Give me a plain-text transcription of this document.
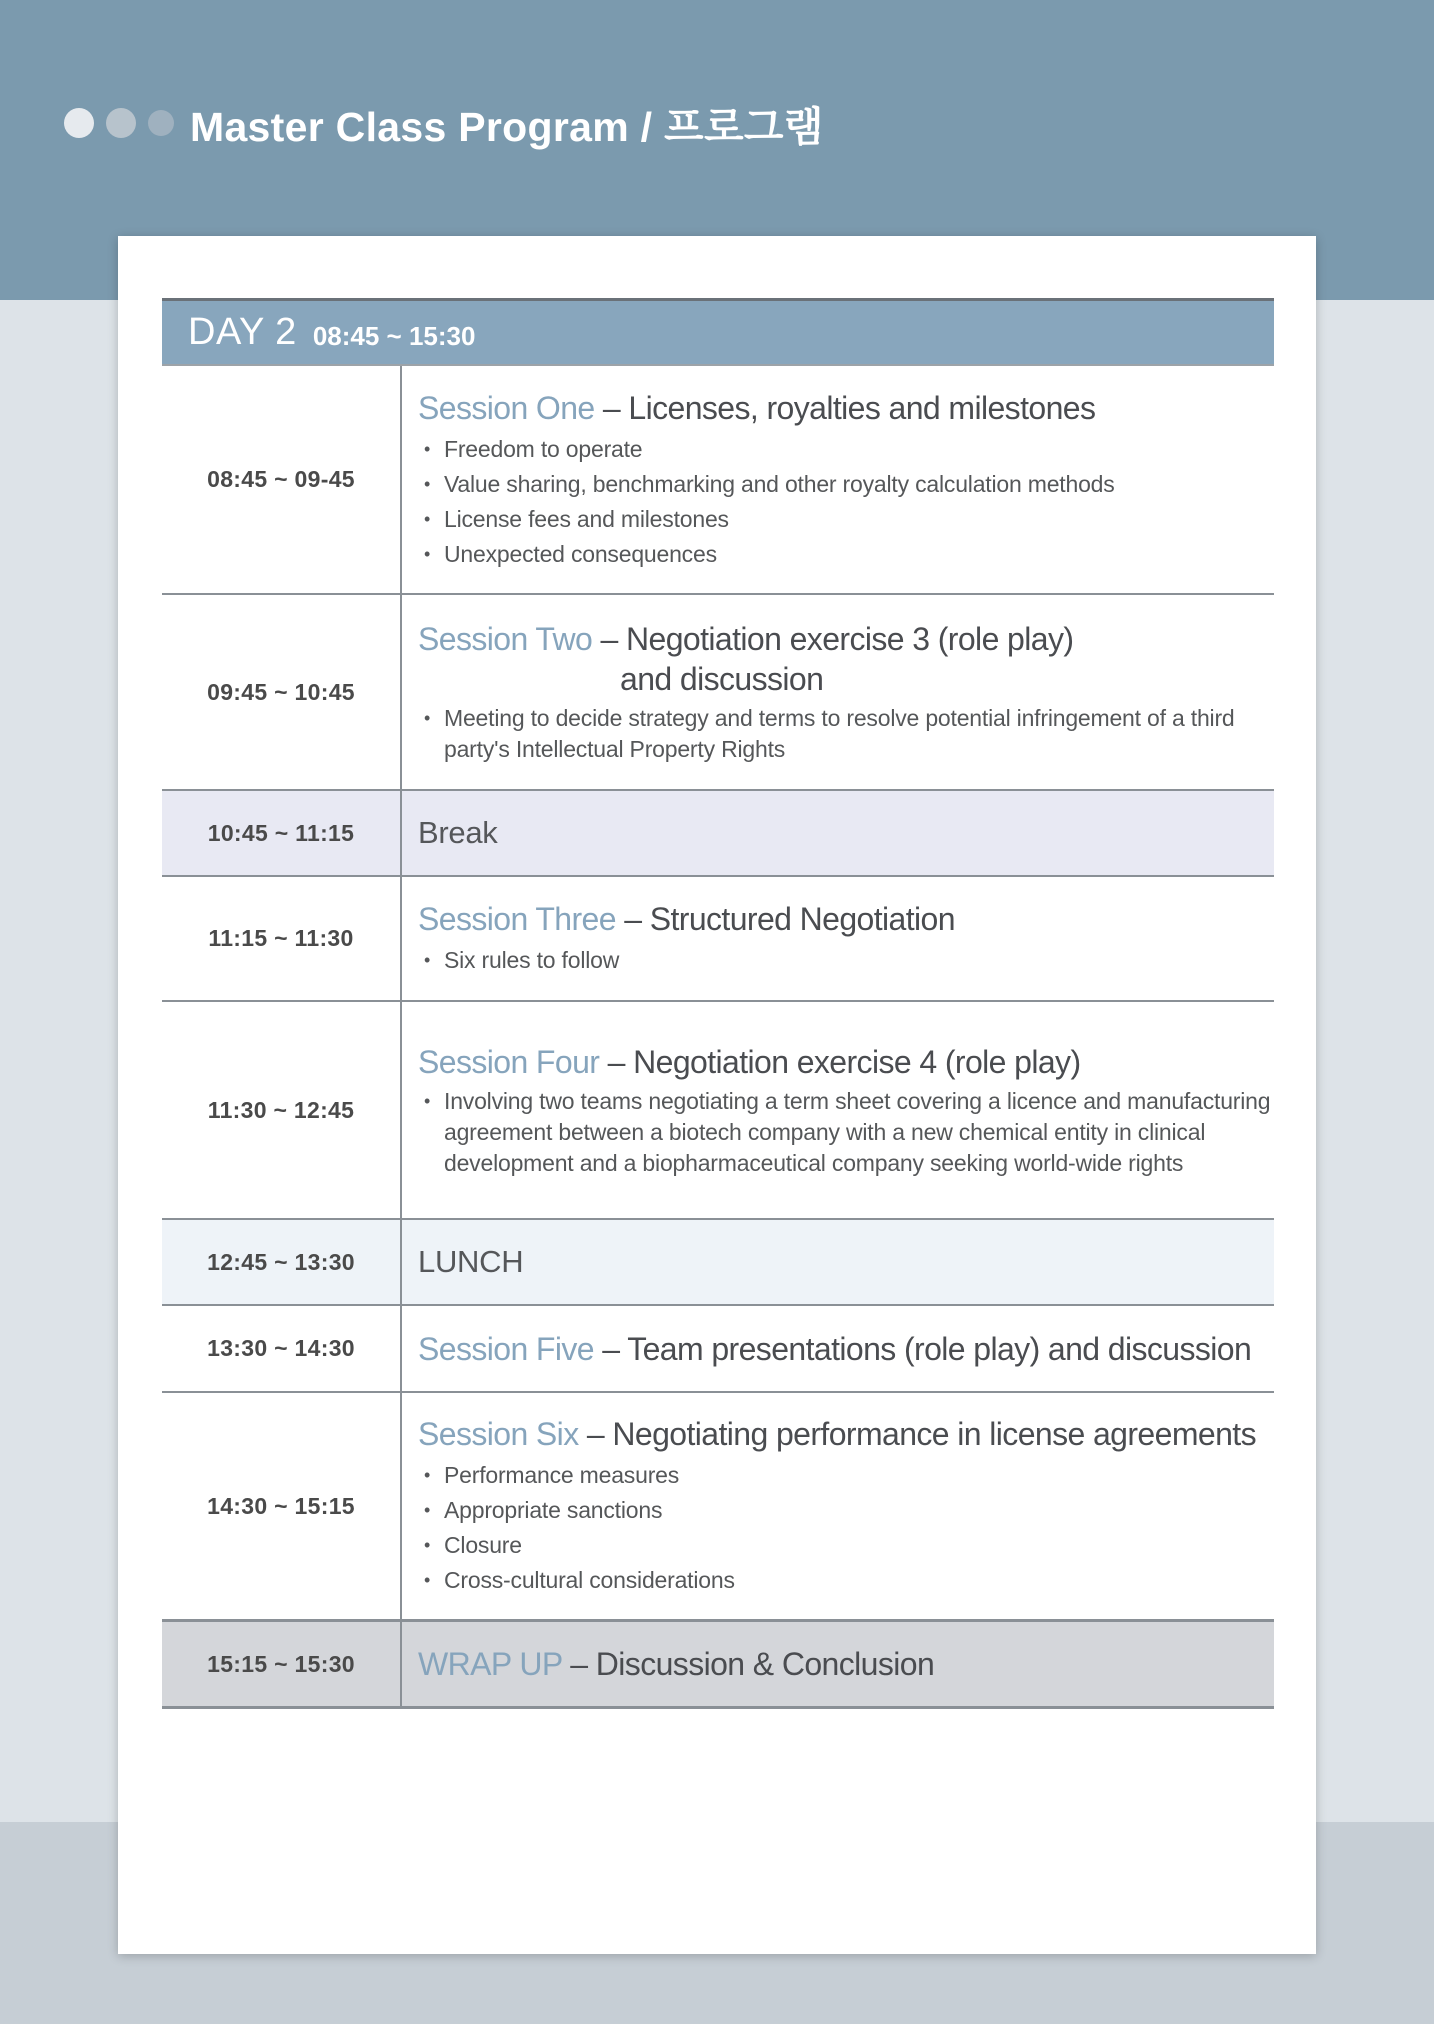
Master Class Program / 프로그램
DAY 2 08:45 ~ 15:30
08:45 ~ 09-45
Session One – Licenses, royalties and milestones
• Freedom to operate
• Value sharing, benchmarking and other royalty calculation methods
• License fees and milestones
• Unexpected consequences
09:45 ~ 10:45
Session Two – Negotiation exercise 3 (role play)
and discussion
• Meeting to decide strategy and terms to resolve potential infringement of a third party's Intellectual Property Rights
10:45 ~ 11:15	Break
11:15 ~ 11:30
Session Three – Structured Negotiation
• Six rules to follow
11:30 ~ 12:45
Session Four – Negotiation exercise 4 (role play)
• Involving two teams negotiating a term sheet covering a licence and manufacturing agreement between a biotech company with a new chemical entity in clinical development and a biopharmaceutical company seeking world-wide rights
12:45 ~ 13:30	LUNCH
13:30 ~ 14:30	Session Five – Team presentations (role play) and discussion
14:30 ~ 15:15
Session Six – Negotiating performance in license agreements
• Performance measures
• Appropriate sanctions
• Closure
• Cross-cultural considerations
15:15 ~ 15:30	WRAP UP – Discussion & Conclusion
